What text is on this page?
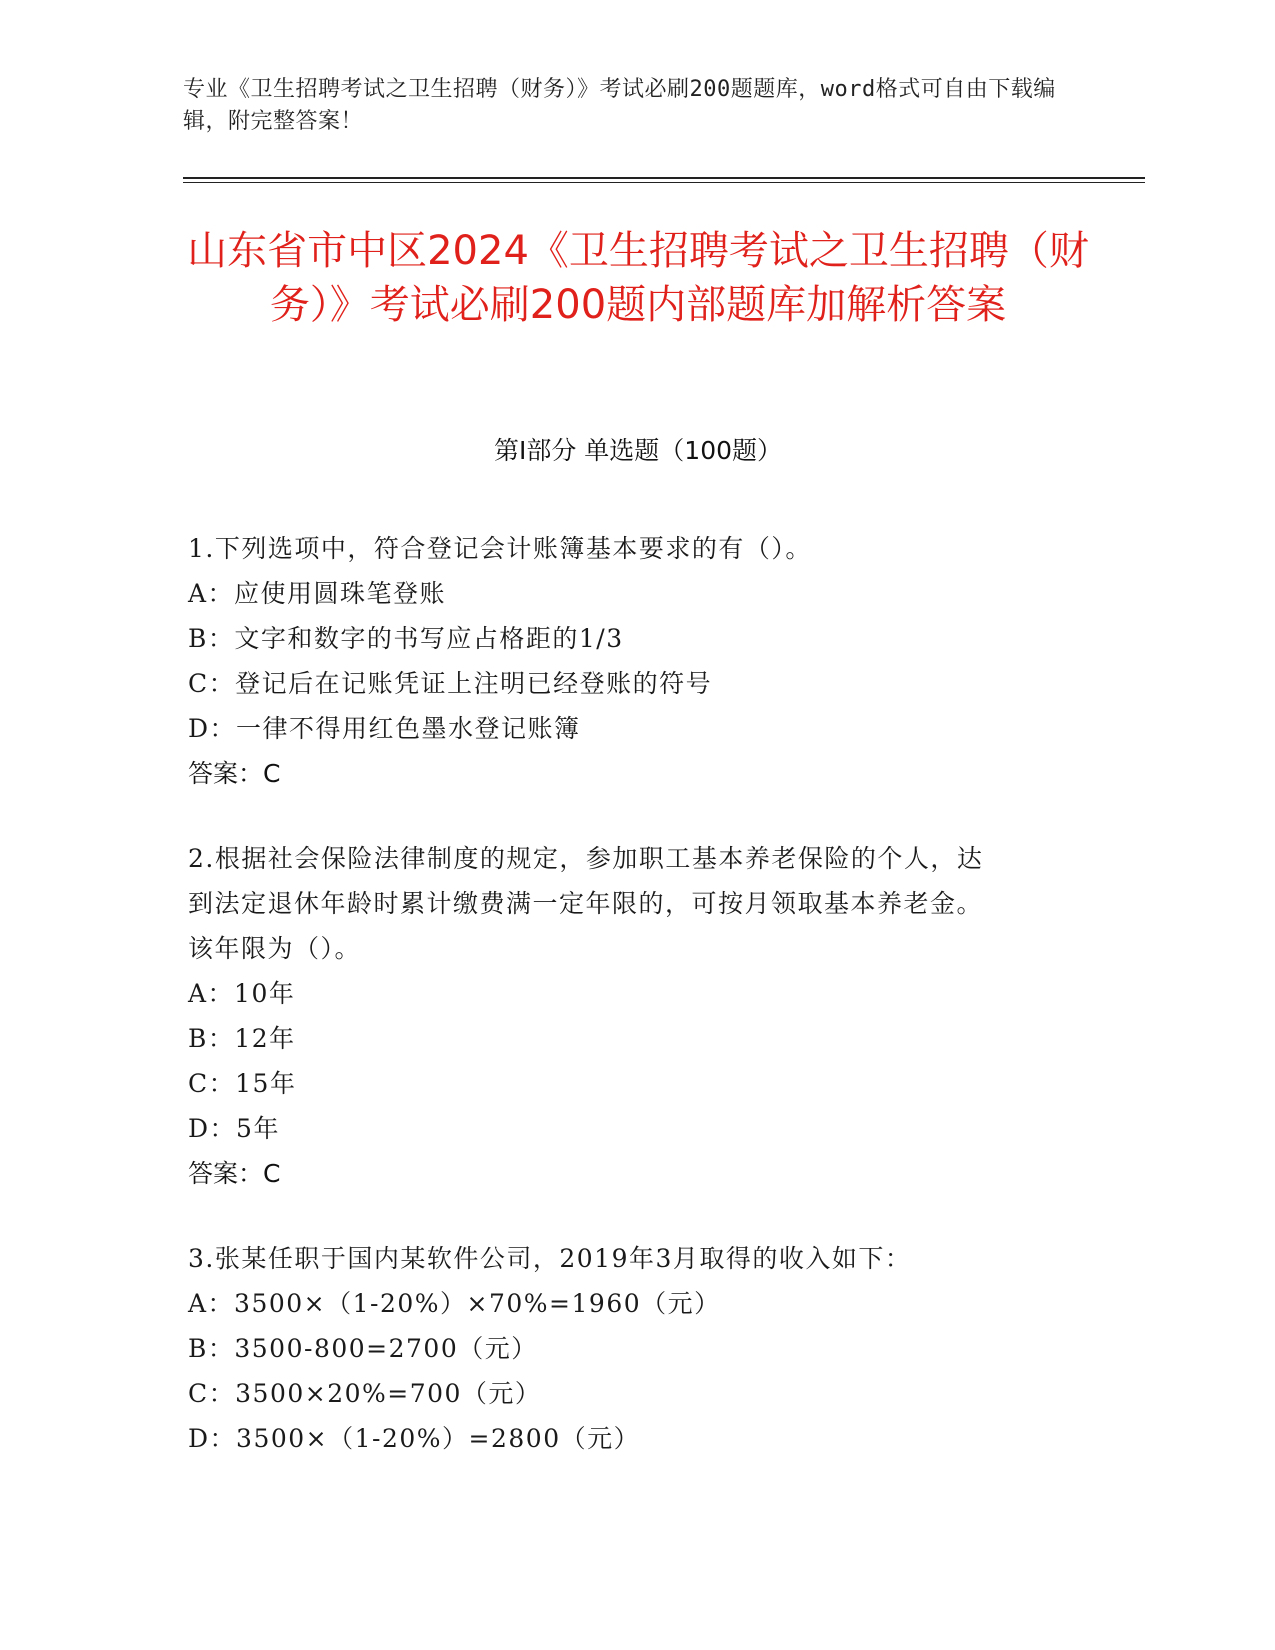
专业《卫生招聘考试之卫生招聘（财务）》考试必刷200题题库，word格式可自由下载编辑，附完整答案！
山东省市中区2024《卫生招聘考试之卫生招聘（财务）》考试必刷200题内部题库加解析答案
第Ⅰ部分 单选题（100题）
1.下列选项中，符合登记会计账簿基本要求的有（）。
A：应使用圆珠笔登账
B：文字和数字的书写应占格距的1/3
C：登记后在记账凭证上注明已经登账的符号
D：一律不得用红色墨水登记账簿
答案：C
2.根据社会保险法律制度的规定，参加职工基本养老保险的个人，达
到法定退休年龄时累计缴费满一定年限的，可按月领取基本养老金。
该年限为（）。
A：10年
B：12年
C：15年
D：5年
答案：C
3.张某任职于国内某软件公司，2019年3月取得的收入如下：
A：3500×（1-20%）×70%=1960（元）
B：3500-800=2700（元）
C：3500×20%=700（元）
D：3500×（1-20%）=2800（元）
